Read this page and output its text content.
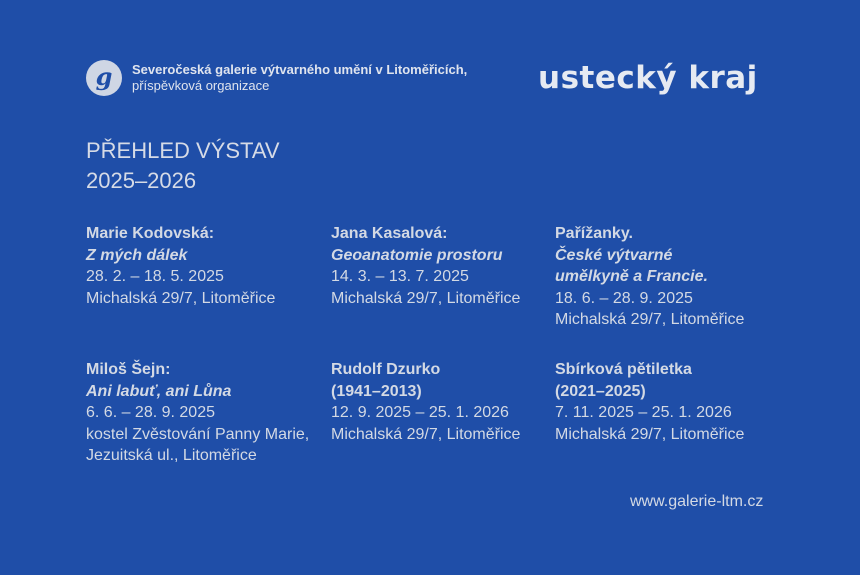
g	Severočeská galerie výtvarného umění v Litoměřicích,
příspěvková organizace	ustecký kraj
PŘEHLED VÝSTAV
2025–2026
Marie Kodovská:
Z mých dálek
28. 2. – 18. 5. 2025
Michalská 29/7, Litoměřice
Jana Kasalová:
Geoanatomie prostoru
14. 3. – 13. 7. 2025
Michalská 29/7, Litoměřice
Pařížanky.
České výtvarné
umělkyně a Francie.
18. 6. – 28. 9. 2025
Michalská 29/7, Litoměřice
Miloš Šejn:
Ani labuť, ani Lůna
6. 6. – 28. 9. 2025
kostel Zvěstování Panny Marie,
Jezuitská ul., Litoměřice
Rudolf Dzurko
(1941–2013)
12. 9. 2025 – 25. 1. 2026
Michalská 29/7, Litoměřice
Sbírková pětiletka
(2021–2025)
7. 11. 2025 – 25. 1. 2026
Michalská 29/7, Litoměřice
www.galerie-ltm.cz
